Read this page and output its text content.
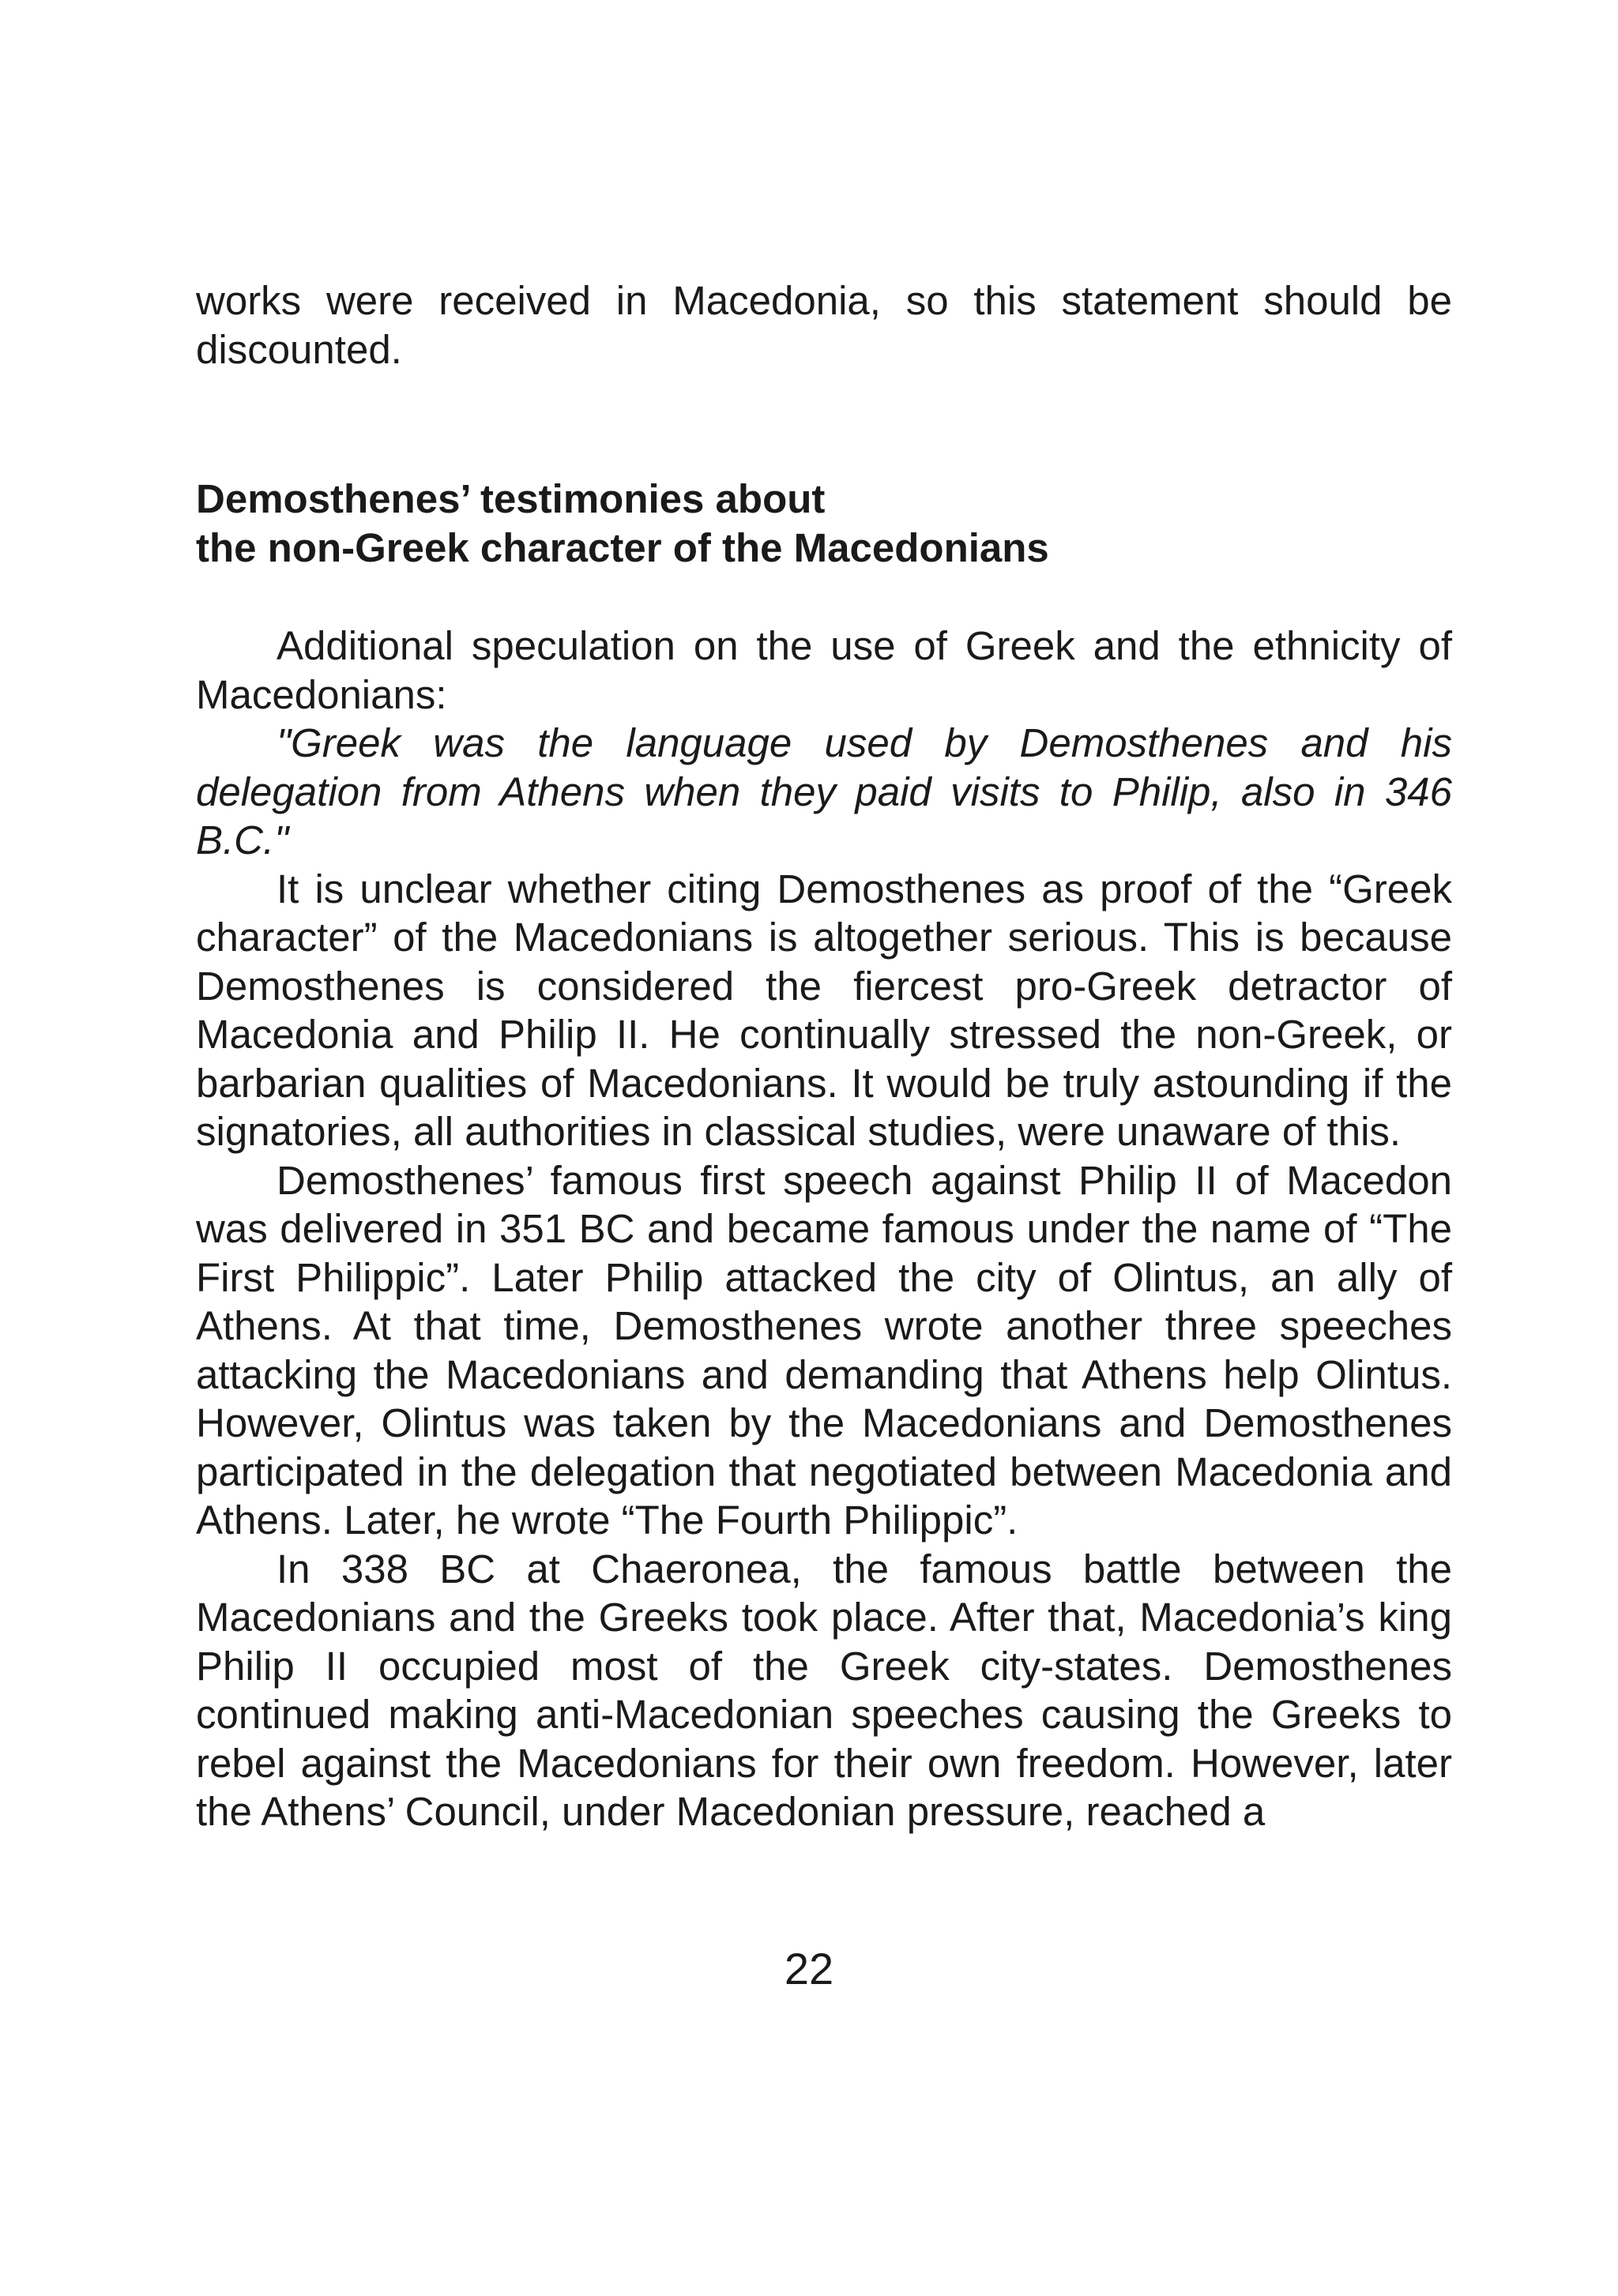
works were received in Macedonia, so this statement should be discounted.

Demosthenes’ testimonies about
the non-Greek character of the Macedonians

Additional speculation on the use of Greek and the ethnicity of Macedonians:

"Greek was the language used by Demosthenes and his delegation from Athens when they paid visits to Philip, also in 346 B.C."

It is unclear whether citing Demosthenes as proof of the “Greek character” of the Macedonians is altogether serious. This is because Demosthenes is considered the fiercest pro-Greek detractor of Macedonia and Philip II. He continually stressed the non-Greek, or barbarian qualities of Macedonians. It would be truly astounding if the signatories, all authorities in classical studies, were unaware of this.

Demosthenes’ famous first speech against Philip II of Macedon was delivered in 351 BC and became famous under the name of “The First Philippic”. Later Philip attacked the city of Olintus, an ally of Athens. At that time, Demosthenes wrote another three speeches attacking the Macedonians and demanding that Athens help Olintus. However, Olintus was taken by the Macedonians and Demosthenes participated in the delegation that negotiated between Macedonia and Athens. Later, he wrote “The Fourth Philippic”.

In 338 BC at Chaeronea, the famous battle between the Macedonians and the Greeks took place. After that, Macedonia’s king Philip II occupied most of the Greek city-states. Demosthenes continued making anti-Macedonian speeches causing the Greeks to rebel against the Macedonians for their own freedom. However, later the Athens’ Council, under Macedonian pressure, reached a

22
